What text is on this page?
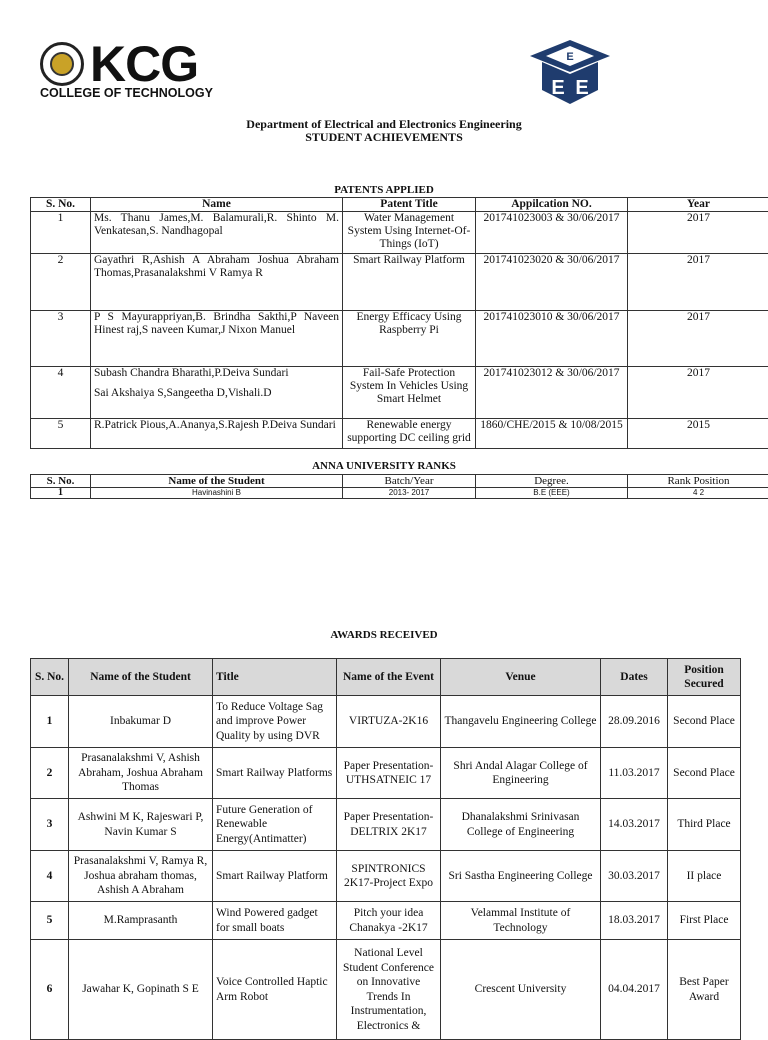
KCG
COLLEGE OF TECHNOLOGY
E
E E
Department of Electrical and Electronics Engineering
STUDENT ACHIEVEMENTS
PATENTS APPLIED
S. No.	Name	Patent Title	Appilcation NO.	Year
1	Ms. Thanu James,M. Balamurali,R. Shinto M. Venkatesan,S. Nandhagopal	Water Management System Using Internet-Of-Things (IoT)	201741023003 & 30/06/2017	2017
2	Gayathri R,Ashish A Abraham Joshua Abraham Thomas,Prasanalakshmi V Ramya R	Smart Railway Platform	201741023020 & 30/06/2017	2017
3	P S Mayurappriyan,B. Brindha Sakthi,P Naveen Hinest raj,S naveen Kumar,J Nixon Manuel	Energy Efficacy Using Raspberry Pi	201741023010 & 30/06/2017	2017
4	Subash Chandra Bharathi,P.Deiva Sundari
Sai Akshaiya S,Sangeetha D,Vishali.D	Fail-Safe Protection System In Vehicles Using Smart Helmet	201741023012 & 30/06/2017	2017
5	R.Patrick Pious,A.Ananya,S.Rajesh P.Deiva Sundari	Renewable energy supporting DC ceiling grid	1860/CHE/2015 & 10/08/2015	2015
ANNA UNIVERSITY RANKS
S. No.	Name of the Student	Batch/Year	Degree.	Rank Position
1	Havinashini B	2013- 2017	B.E (EEE)	4 2
AWARDS RECEIVED
S. No.	Name of the Student	Title	Name of the Event	Venue	Dates	Position Secured
1	Inbakumar D	To Reduce Voltage Sag and improve Power Quality by using DVR	VIRTUZA-2K16	Thangavelu Engineering College	28.09.2016	Second Place
2	Prasanalakshmi V, Ashish Abraham, Joshua Abraham Thomas	Smart Railway Platforms	Paper Presentation-UTHSATNEIC 17	Shri Andal Alagar College of Engineering	11.03.2017	Second Place
3	Ashwini M K, Rajeswari P, Navin Kumar S	Future Generation of Renewable Energy(Antimatter)	Paper Presentation-DELTRIX 2K17	Dhanalakshmi Srinivasan College of Engineering	14.03.2017	Third Place
4	Prasanalakshmi V, Ramya R, Joshua abraham thomas, Ashish A Abraham	Smart Railway Platform	SPINTRONICS 2K17-Project Expo	Sri Sastha Engineering College	30.03.2017	II place
5	M.Ramprasanth	Wind Powered gadget for small boats	Pitch your idea Chanakya -2K17	Velammal Institute of Technology	18.03.2017	First Place
6	Jawahar K, Gopinath S E	Voice Controlled Haptic Arm Robot	National Level Student Conference on Innovative Trends In Instrumentation, Electronics &	Crescent University	04.04.2017	Best Paper Award
